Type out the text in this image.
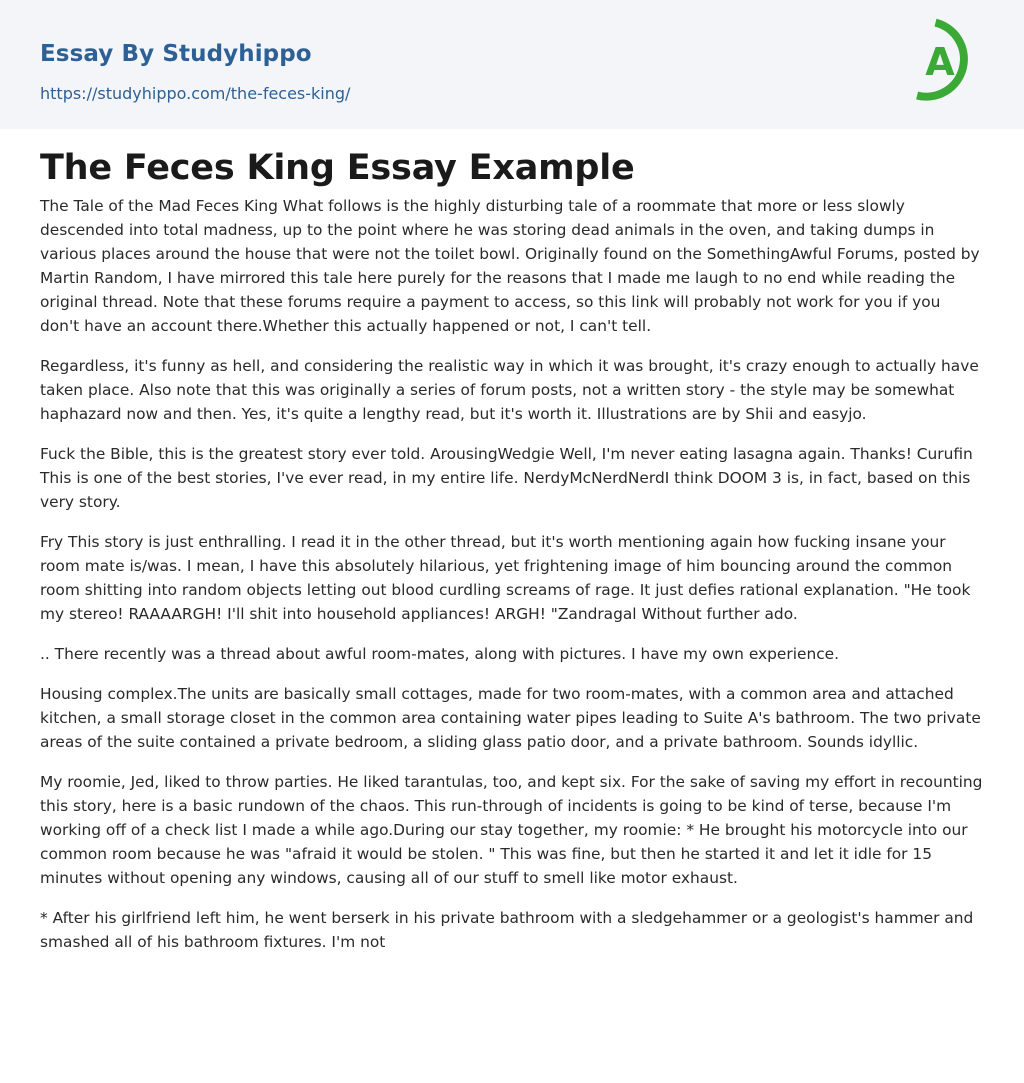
Essay By Studyhippo
https://studyhippo.com/the-feces-king/
A
The Feces King Essay Example

The Tale of the Mad Feces King What follows is the highly disturbing tale of a roommate that more or less slowly descended into total madness, up to the point where he was storing dead animals in the oven, and taking dumps in various places around the house that were not the toilet bowl. Originally found on the SomethingAwful Forums, posted by Martin Random, I have mirrored this tale here purely for the reasons that I made me laugh to no end while reading the original thread. Note that these forums require a payment to access, so this link will probably not work for you if you don't have an account there.Whether this actually happened or not, I can't tell.

Regardless, it's funny as hell, and considering the realistic way in which it was brought, it's crazy enough to actually have taken place. Also note that this was originally a series of forum posts, not a written story - the style may be somewhat haphazard now and then. Yes, it's quite a lengthy read, but it's worth it. Illustrations are by Shii and easyjo.

Fuck the Bible, this is the greatest story ever told. ArousingWedgie Well, I'm never eating lasagna again. Thanks! Curufin This is one of the best stories, I've ever read, in my entire life. NerdyMcNerdNerdI think DOOM 3 is, in fact, based on this very story.

Fry This story is just enthralling. I read it in the other thread, but it's worth mentioning again how fucking insane your room mate is/was. I mean, I have this absolutely hilarious, yet frightening image of him bouncing around the common room shitting into random objects letting out blood curdling screams of rage. It just defies rational explanation. "He took my stereo! RAAAARGH! I'll shit into household appliances! ARGH! "Zandragal Without further ado.

.. There recently was a thread about awful room-mates, along with pictures. I have my own experience.

Housing complex.The units are basically small cottages, made for two room-mates, with a common area and attached kitchen, a small storage closet in the common area containing water pipes leading to Suite A's bathroom. The two private areas of the suite contained a private bedroom, a sliding glass patio door, and a private bathroom. Sounds idyllic.

My roomie, Jed, liked to throw parties. He liked tarantulas, too, and kept six. For the sake of saving my effort in recounting this story, here is a basic rundown of the chaos. This run-through of incidents is going to be kind of terse, because I'm working off of a check list I made a while ago.During our stay together, my roomie: * He brought his motorcycle into our common room because he was "afraid it would be stolen. " This was fine, but then he started it and let it idle for 15 minutes without opening any windows, causing all of our stuff to smell like motor exhaust.

* After his girlfriend left him, he went berserk in his private bathroom with a sledgehammer or a geologist's hammer and smashed all of his bathroom fixtures. I'm not
